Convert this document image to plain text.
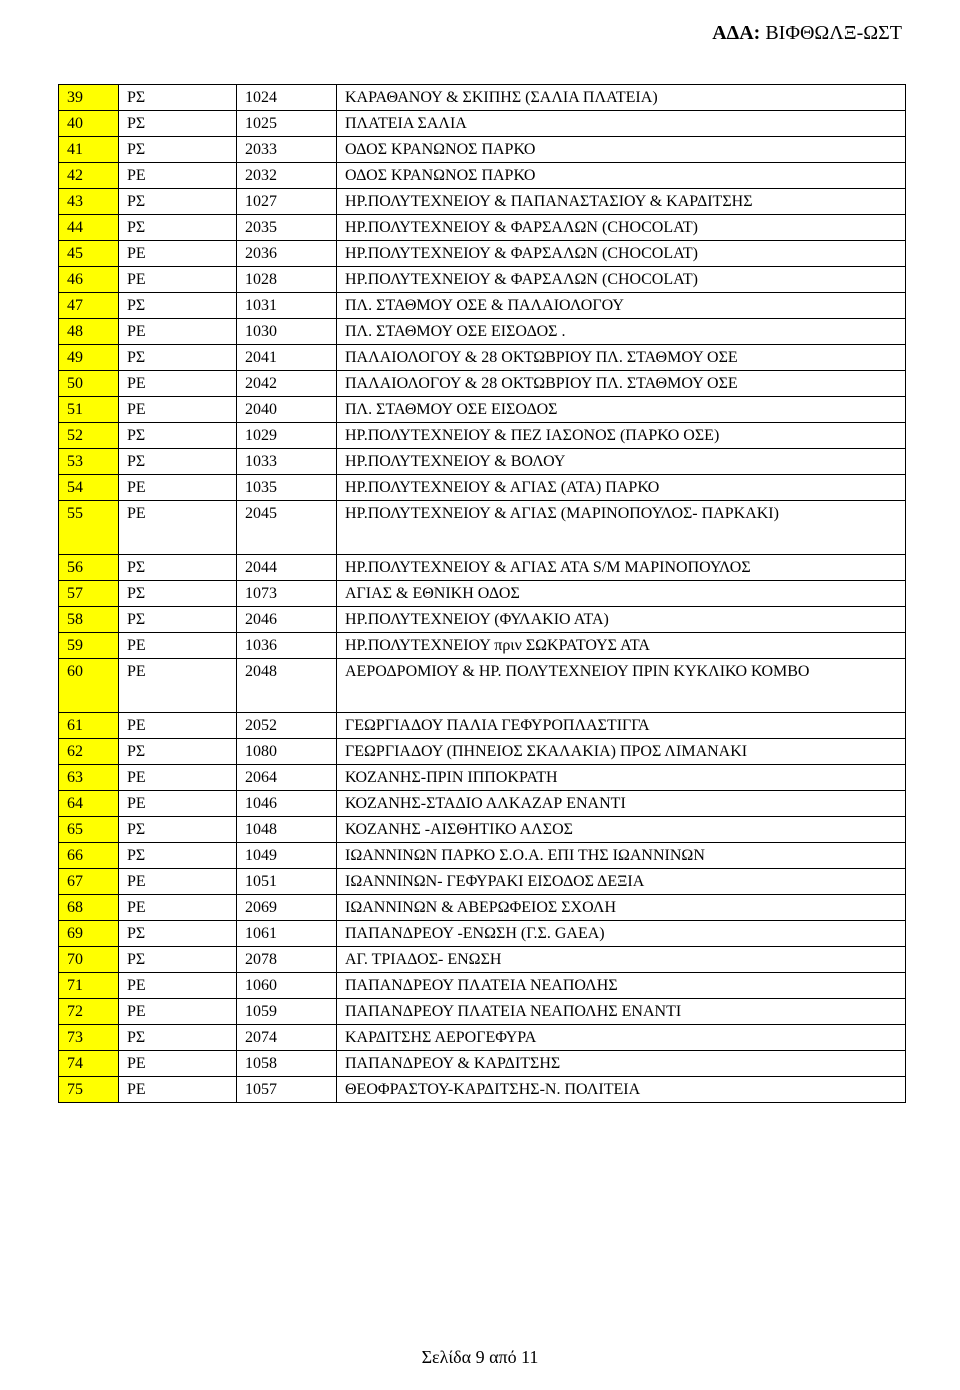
ΑΔΑ: ΒΙΦΘΩΛΞ-ΩΣΤ
39	ΡΣ	1024	ΚΑΡΑΘΑΝΟΥ & ΣΚΙΠΗΣ (ΣΑΛΙΑ ΠΛΑΤΕΙΑ)
40	ΡΣ	1025	ΠΛΑΤΕΙΑ ΣΑΛΙΑ
41	ΡΣ	2033	ΟΔΟΣ ΚΡΑΝΩΝΟΣ ΠΑΡΚΟ
42	ΡΕ	2032	ΟΔΟΣ ΚΡΑΝΩΝΟΣ ΠΑΡΚΟ
43	ΡΣ	1027	ΗΡ.ΠΟΛΥΤΕΧΝΕΙΟΥ & ΠΑΠΑΝΑΣΤΑΣΙΟΥ & ΚΑΡΔΙΤΣΗΣ
44	ΡΣ	2035	ΗΡ.ΠΟΛΥΤΕΧΝΕΙΟΥ & ΦΑΡΣΑΛΩΝ (CHOCOLAT)
45	ΡΕ	2036	ΗΡ.ΠΟΛΥΤΕΧΝΕΙΟΥ & ΦΑΡΣΑΛΩΝ (CHOCOLAT)
46	ΡΕ	1028	ΗΡ.ΠΟΛΥΤΕΧΝΕΙΟΥ & ΦΑΡΣΑΛΩΝ (CHOCOLAT)
47	ΡΣ	1031	ΠΛ. ΣΤΑΘΜΟΥ ΟΣΕ & ΠΑΛΑΙΟΛΟΓΟΥ
48	ΡΕ	1030	ΠΛ. ΣΤΑΘΜΟΥ ΟΣΕ ΕΙΣΟΔΟΣ .
49	ΡΣ	2041	ΠΑΛΑΙΟΛΟΓΟΥ & 28 ΟΚΤΩΒΡΙΟΥ ΠΛ. ΣΤΑΘΜΟΥ ΟΣΕ
50	ΡΕ	2042	ΠΑΛΑΙΟΛΟΓΟΥ & 28 ΟΚΤΩΒΡΙΟΥ ΠΛ. ΣΤΑΘΜΟΥ ΟΣΕ
51	ΡΕ	2040	ΠΛ. ΣΤΑΘΜΟΥ ΟΣΕ ΕΙΣΟΔΟΣ
52	ΡΣ	1029	ΗΡ.ΠΟΛΥΤΕΧΝΕΙΟΥ & ΠΕΖ ΙΑΣΟΝΟΣ (ΠΑΡΚΟ ΟΣΕ)
53	ΡΣ	1033	ΗΡ.ΠΟΛΥΤΕΧΝΕΙΟΥ & ΒΟΛΟΥ
54	ΡΕ	1035	ΗΡ.ΠΟΛΥΤΕΧΝΕΙΟΥ & ΑΓΙΑΣ (ΑΤΑ) ΠΑΡΚΟ
55	ΡΕ	2045	ΗΡ.ΠΟΛΥΤΕΧΝΕΙΟΥ & ΑΓΙΑΣ (ΜΑΡΙΝΟΠΟΥΛΟΣ- ΠΑΡΚΑΚΙ)
56	ΡΣ	2044	ΗΡ.ΠΟΛΥΤΕΧΝΕΙΟΥ & ΑΓΙΑΣ ΑΤΑ S/M ΜΑΡΙΝΟΠΟΥΛΟΣ
57	ΡΣ	1073	ΑΓΙΑΣ & ΕΘΝΙΚΗ ΟΔΟΣ
58	ΡΣ	2046	ΗΡ.ΠΟΛΥΤΕΧΝΕΙΟΥ (ΦΥΛΑΚΙΟ ΑΤΑ)
59	ΡΕ	1036	ΗΡ.ΠΟΛΥΤΕΧΝΕΙΟΥ πριν ΣΩΚΡΑΤΟΥΣ ΑΤΑ
60	ΡΕ	2048	ΑΕΡΟΔΡΟΜΙΟΥ & ΗΡ. ΠΟΛΥΤΕΧΝΕΙΟΥ ΠΡΙΝ ΚΥΚΛΙΚΟ ΚΟΜΒΟ
61	ΡΕ	2052	ΓΕΩΡΓΙΑΔΟΥ ΠΑΛΙΑ ΓΕΦΥΡΟΠΛΑΣΤΙΓΓΑ
62	ΡΣ	1080	ΓΕΩΡΓΙΑΔΟΥ (ΠΗΝΕΙΟΣ ΣΚΑΛΑΚΙΑ) ΠΡΟΣ ΛΙΜΑΝΑΚΙ
63	ΡΕ	2064	ΚΟΖΑΝΗΣ-ΠΡΙΝ ΙΠΠΟΚΡΑΤΗ
64	ΡΕ	1046	ΚΟΖΑΝΗΣ-ΣΤΑΔΙΟ ΑΛΚΑΖΑΡ ΕΝΑΝΤΙ
65	ΡΣ	1048	ΚΟΖΑΝΗΣ -ΑΙΣΘΗΤΙΚΟ ΑΛΣΟΣ
66	ΡΣ	1049	ΙΩΑΝΝΙΝΩΝ ΠΑΡΚΟ Σ.Ο.Α. ΕΠΙ ΤΗΣ ΙΩΑΝΝΙΝΩΝ
67	ΡΕ	1051	ΙΩΑΝΝΙΝΩΝ- ΓΕΦΥΡΑΚΙ ΕΙΣΟΔΟΣ ΔΕΞΙΑ
68	ΡΕ	2069	ΙΩΑΝΝΙΝΩΝ & ΑΒΕΡΩΦΕΙΟΣ ΣΧΟΛΗ
69	ΡΣ	1061	ΠΑΠΑΝΔΡΕΟΥ -ΕΝΩΣΗ (Γ.Σ. GAEA)
70	ΡΣ	2078	ΑΓ. ΤΡΙΑΔΟΣ- ΕΝΩΣΗ
71	ΡΕ	1060	ΠΑΠΑΝΔΡΕΟΥ ΠΛΑΤΕΙΑ ΝΕΑΠΟΛΗΣ
72	ΡΕ	1059	ΠΑΠΑΝΔΡΕΟΥ ΠΛΑΤΕΙΑ ΝΕΑΠΟΛΗΣ ΕΝΑΝΤΙ
73	ΡΣ	2074	ΚΑΡΔΙΤΣΗΣ ΑΕΡΟΓΕΦΥΡΑ
74	ΡΕ	1058	ΠΑΠΑΝΔΡΕΟΥ & ΚΑΡΔΙΤΣΗΣ
75	ΡΕ	1057	ΘΕΟΦΡΑΣΤΟΥ-ΚΑΡΔΙΤΣΗΣ-Ν. ΠΟΛΙΤΕΙΑ
Σελίδα 9 από 11
